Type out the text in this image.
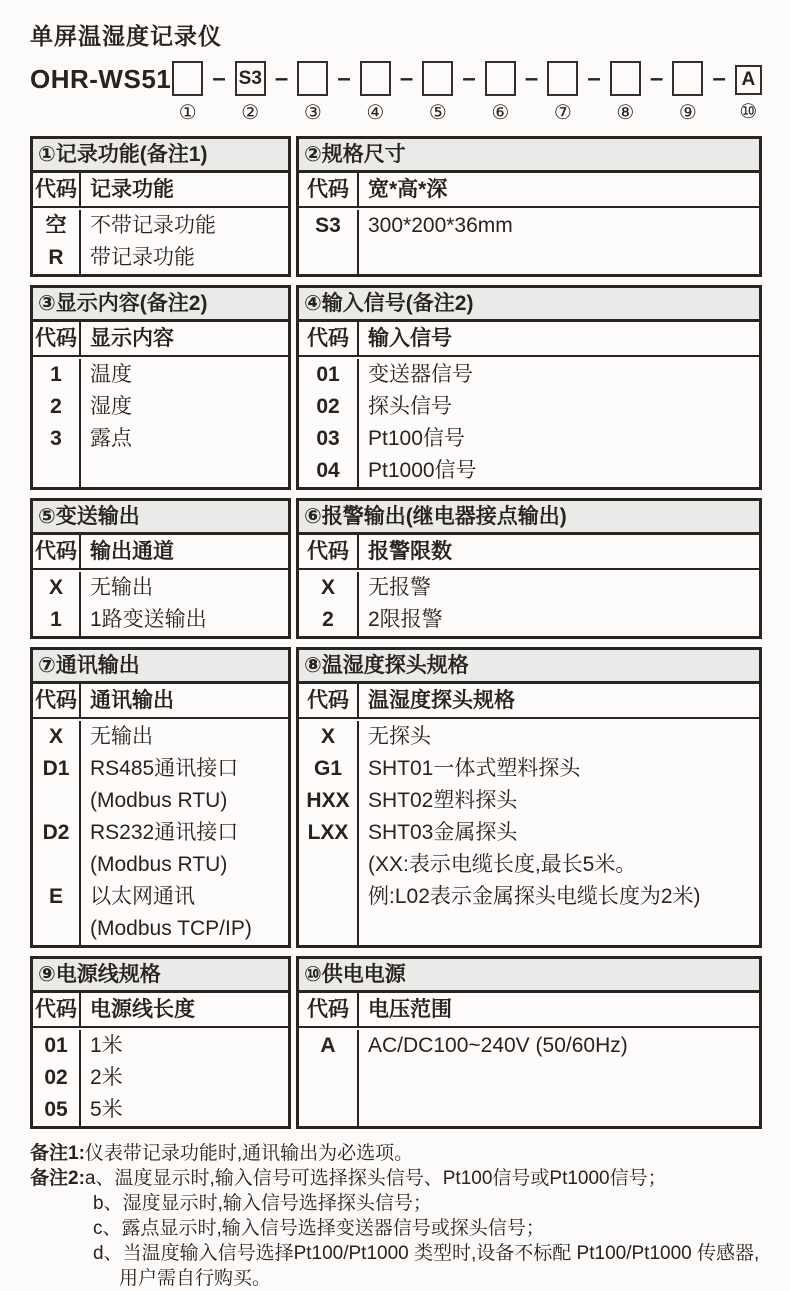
单屏温湿度记录仪
OHR-WS51
①
– S3
②
–
③
–
④
–
⑤
–
⑥
–
⑦
–
⑧
–
⑨
– A
⑩
①记录功能(备注1)
代码 记录功能
空
R
不带记录功能
带记录功能
②规格尺寸
代码 宽*高*深
S3	300*200*36mm
③显示内容(备注2)
代码 显示内容
1
2
3
温度
湿度
露点
④输入信号(备注2)
代码 输入信号
01
02
03
04
变送器信号
探头信号
Pt100信号
Pt1000信号
⑤变送输出
代码 输出通道
X
1
无输出
1路变送输出
⑥报警输出(继电器接点输出)
代码 报警限数
X
2
无报警
2限报警
⑦通讯输出
代码 通讯输出
X
D1
D2
E
无输出
RS485通讯接口
(Modbus RTU)
RS232通讯接口
(Modbus RTU)
以太网通讯
(Modbus TCP/IP)
⑧温湿度探头规格
代码 温湿度探头规格
X
G1
HXX
LXX
无探头
SHT01一体式塑料探头
SHT02塑料探头
SHT03金属探头
(XX:表示电缆长度,最长5米。
例:L02表示金属探头电缆长度为2米)
⑨电源线规格
代码 电源线长度
01
02
05
1米
2米
5米
⑩供电电源
代码 电压范围
A	AC/DC100~240V (50/60Hz)
备注1: 仪表带记录功能时,通讯输出为必选项。
备注2: a、温度显示时,输入信号可选择探头信号、Pt100信号或Pt1000信号；
b、湿度显示时,输入信号选择探头信号；
c、露点显示时,输入信号选择变送器信号或探头信号；
d、当温度输入信号选择Pt100/Pt1000 类型时,设备不标配 Pt100/Pt1000 传感器,
用户需自行购买。
